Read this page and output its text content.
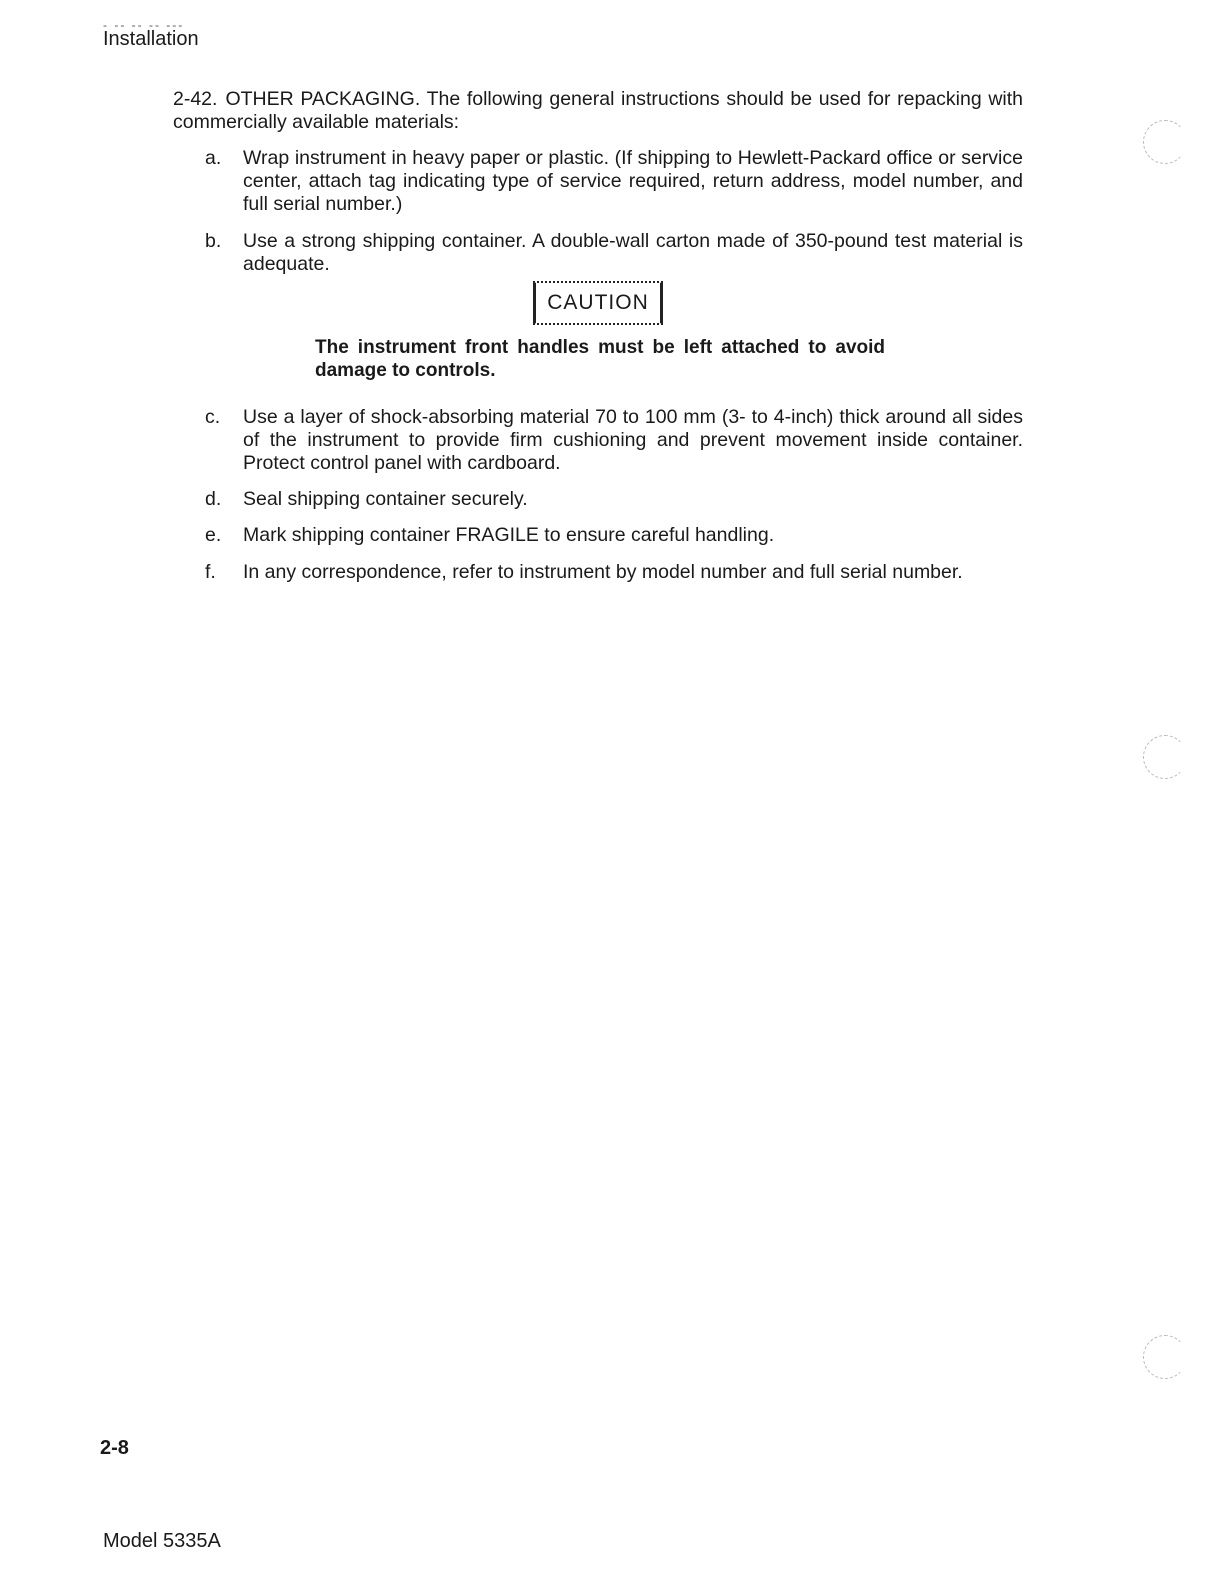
- -- -- -- ---
Installation
2-42. OTHER PACKAGING. The following general instructions should be used for repacking with commercially available materials:
a.	Wrap instrument in heavy paper or plastic. (If shipping to Hewlett-Packard office or service center, attach tag indicating type of service required, return address, model number, and full serial number.)
b.	Use a strong shipping container. A double-wall carton made of 350-pound test material is adequate.
c.	Use a layer of shock-absorbing material 70 to 100 mm (3- to 4-inch) thick around all sides of the instrument to provide firm cushioning and prevent movement inside container. Protect control panel with cardboard.
d.	Seal shipping container securely.
e.	Mark shipping container FRAGILE to ensure careful handling.
f.	In any correspondence, refer to instrument by model number and full serial number.
CAUTION
The instrument front handles must be left attached to avoid damage to controls.
2-8
Model 5335A
